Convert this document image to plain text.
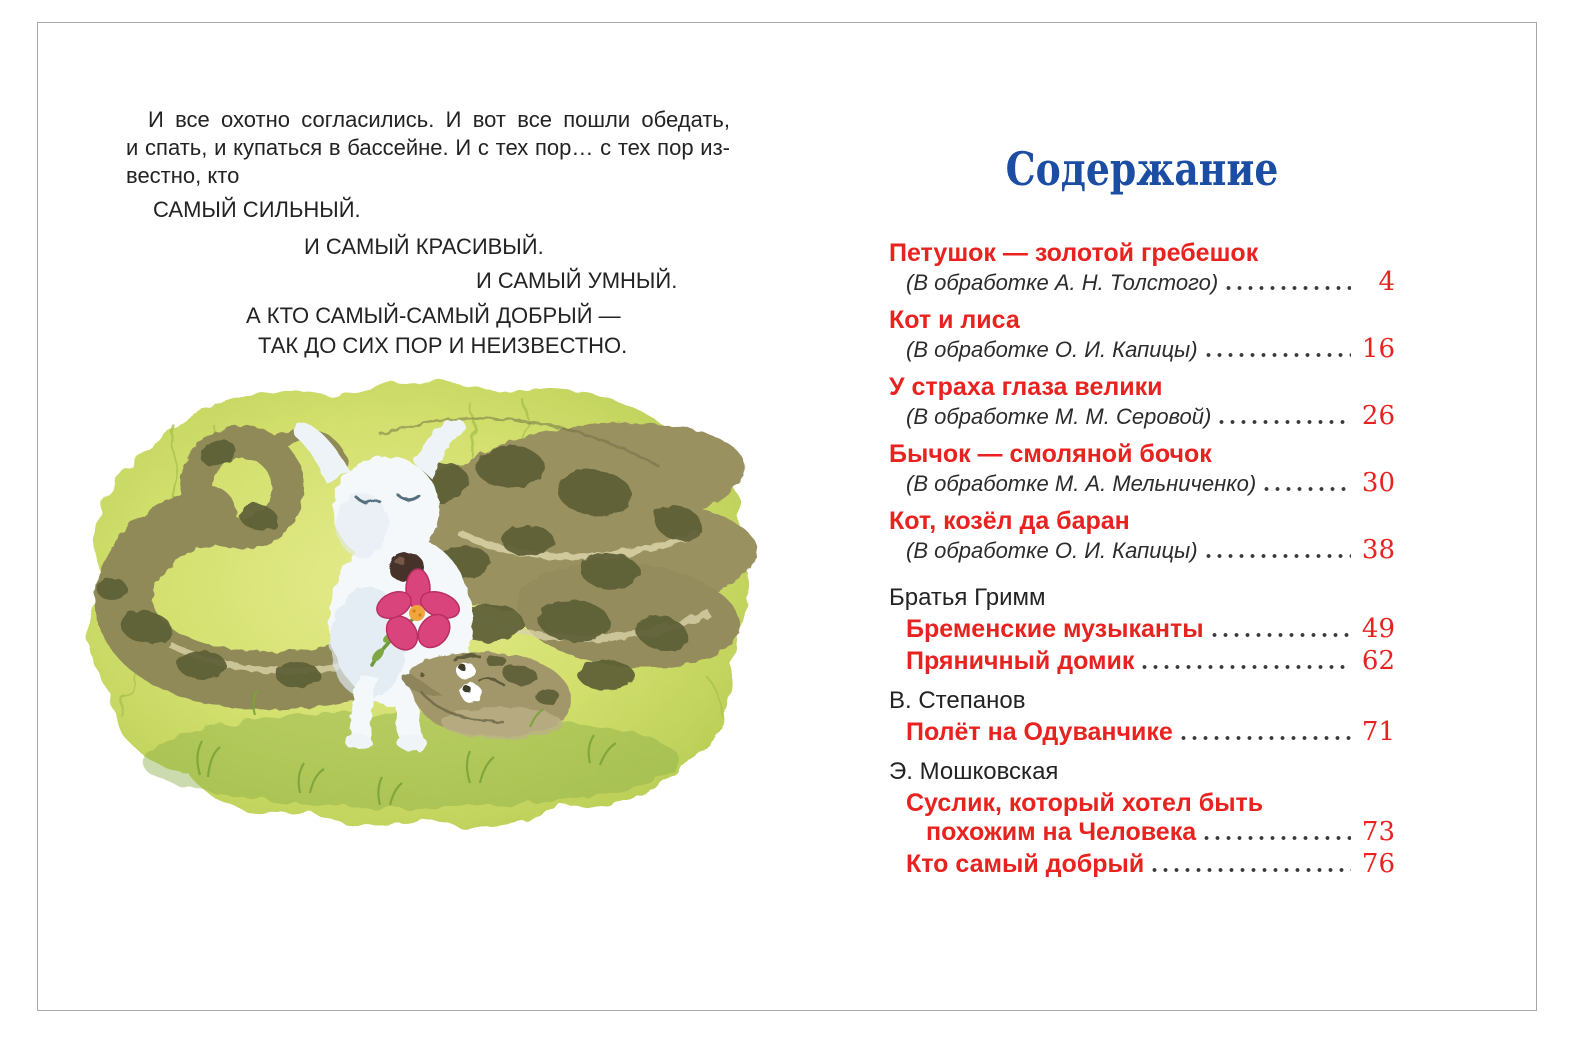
И все охотно согласились. И вот все пошли обедать,
и спать, и купаться в бассейне. И с тех пор… с тех пор из-
вестно, кто
САМЫЙ СИЛЬНЫЙ.
И САМЫЙ КРАСИВЫЙ.
И САМЫЙ УМНЫЙ.
А КТО САМЫЙ-САМЫЙ ДОБРЫЙ —
ТАК ДО СИХ ПОР И НЕИЗВЕСТНО.
Содержание
Петушок — золотой гребешок
(В обработке А. Н. Толстого)	4
Кот и лиса
(В обработке О. И. Капицы)	16
У страха глаза велики
(В обработке М. М. Серовой)	26
Бычок — смоляной бочок
(В обработке М. А. Мельниченко)	30
Кот, козёл да баран
(В обработке О. И. Капицы)	38
Братья Гримм
Бременские музыканты	49
Пряничный домик	62
В. Степанов
Полёт на Одуванчике	71
Э. Мошковская
Суслик, который хотел быть
похожим на Человека	73
Кто самый добрый	76
